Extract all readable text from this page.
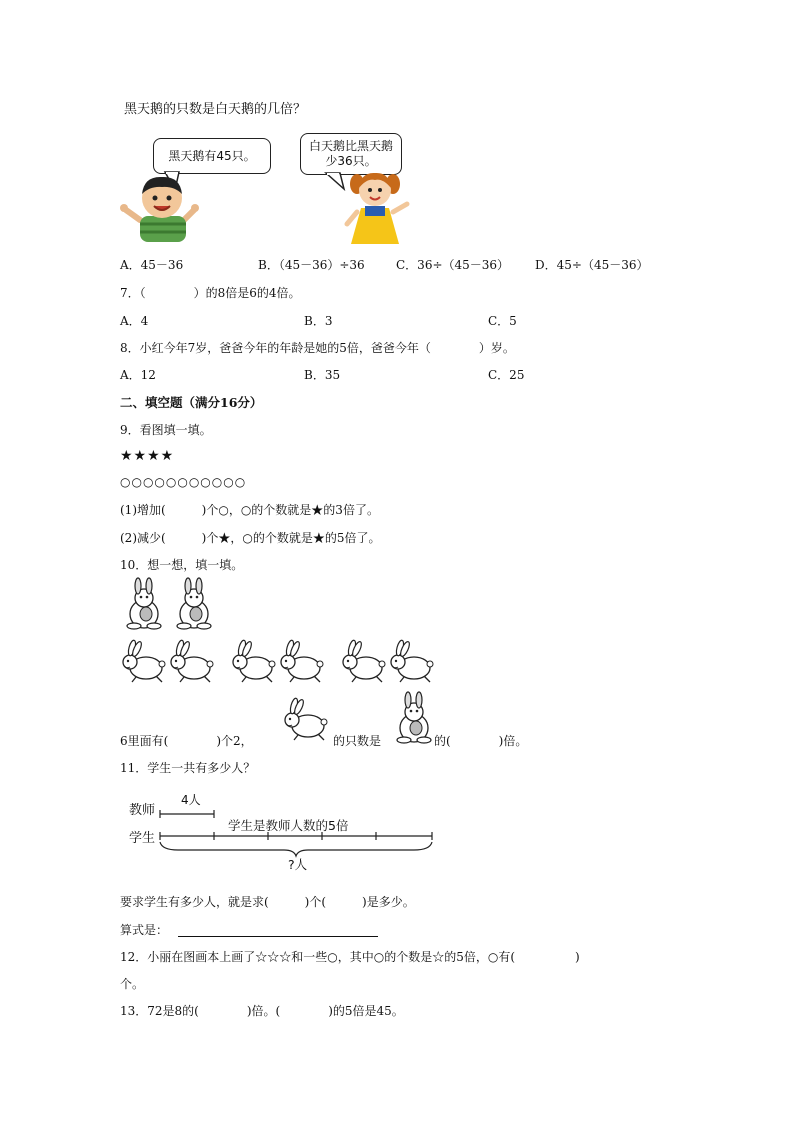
黑天鹅的只数是白天鹅的几倍？
黑天鹅有45只。
白天鹅比黑天鹅少36只。
A．45－36	B．（45－36）÷36	C．36÷（45－36） D．45÷（45－36）
7．（　　　　）的8倍是6的4倍。
A．4	B．3	C．5
8．小红今年7岁，爸爸今年的年龄是她的5倍，爸爸今年（　　　　）岁。
A．12	B．35	C．25
二、填空题（满分16分）
9．看图填一填。
★★★★
○○○○○○○○○○○
(1)增加(　　　)个○，○的个数就是★的3倍了。
(2)减少(　　　)个★，○的个数就是★的5倍了。
10．想一想，填一填。
6里面有(　　　　)个2，	的只数是	的(　　　　)倍。
11．学生一共有多少人？
教师
学生
4人
学生是教师人数的5倍
?人
要求学生有多少人，就是求(　　　)个(　　　)是多少。
算式是：
12．小丽在图画本上画了☆☆☆和一些○，其中○的个数是☆的5倍，○有(　　　　　)
个。
13．72是8的(　　　　)倍。(　　　　)的5倍是45。
